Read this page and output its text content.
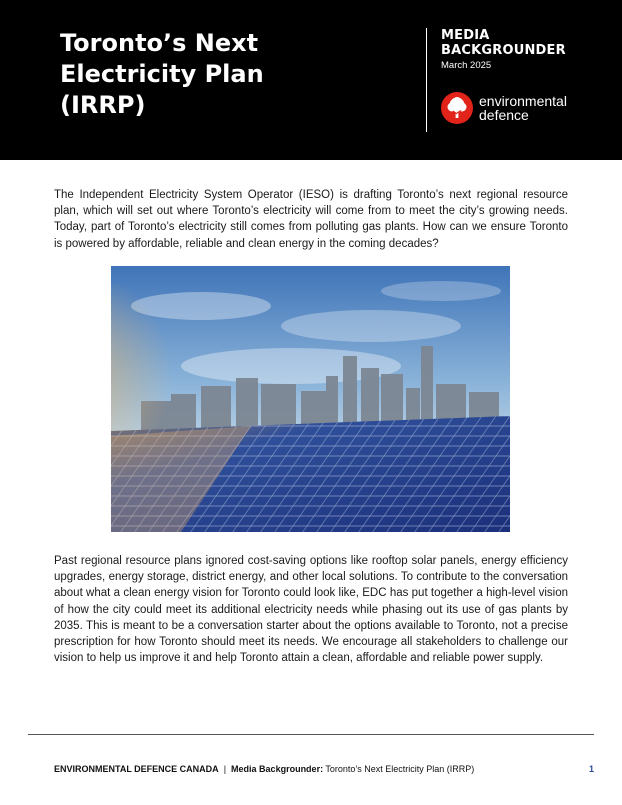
Toronto’s Next
Electricity Plan
(IRRP)
MEDIA
BACKGROUNDER
March 2025
environmental
defence

The Independent Electricity System Operator (IESO) is drafting Toronto’s next regional resource plan, which will set out where Toronto’s electricity will come from to meet the city’s growing needs. Today, part of Toronto’s electricity still comes from polluting gas plants. How can we ensure Toronto is powered by affordable, reliable and clean energy in the coming decades?

Past regional resource plans ignored cost-saving options like rooftop solar panels, energy efficiency upgrades, energy storage, district energy, and other local solutions. To contribute to the conversation about what a clean energy vision for Toronto could look like, EDC has put together a high-level vision of how the city could meet its additional electricity needs while phasing out its use of gas plants by 2035. This is meant to be a conversation starter about the options available to Toronto, not a precise prescription for how Toronto should meet its needs. We encourage all stakeholders to challenge our vision to help us improve it and help Toronto attain a clean, affordable and reliable power supply.

ENVIRONMENTAL DEFENCE CANADA | Media Backgrounder: Toronto’s Next Electricity Plan (IRRP)	1
